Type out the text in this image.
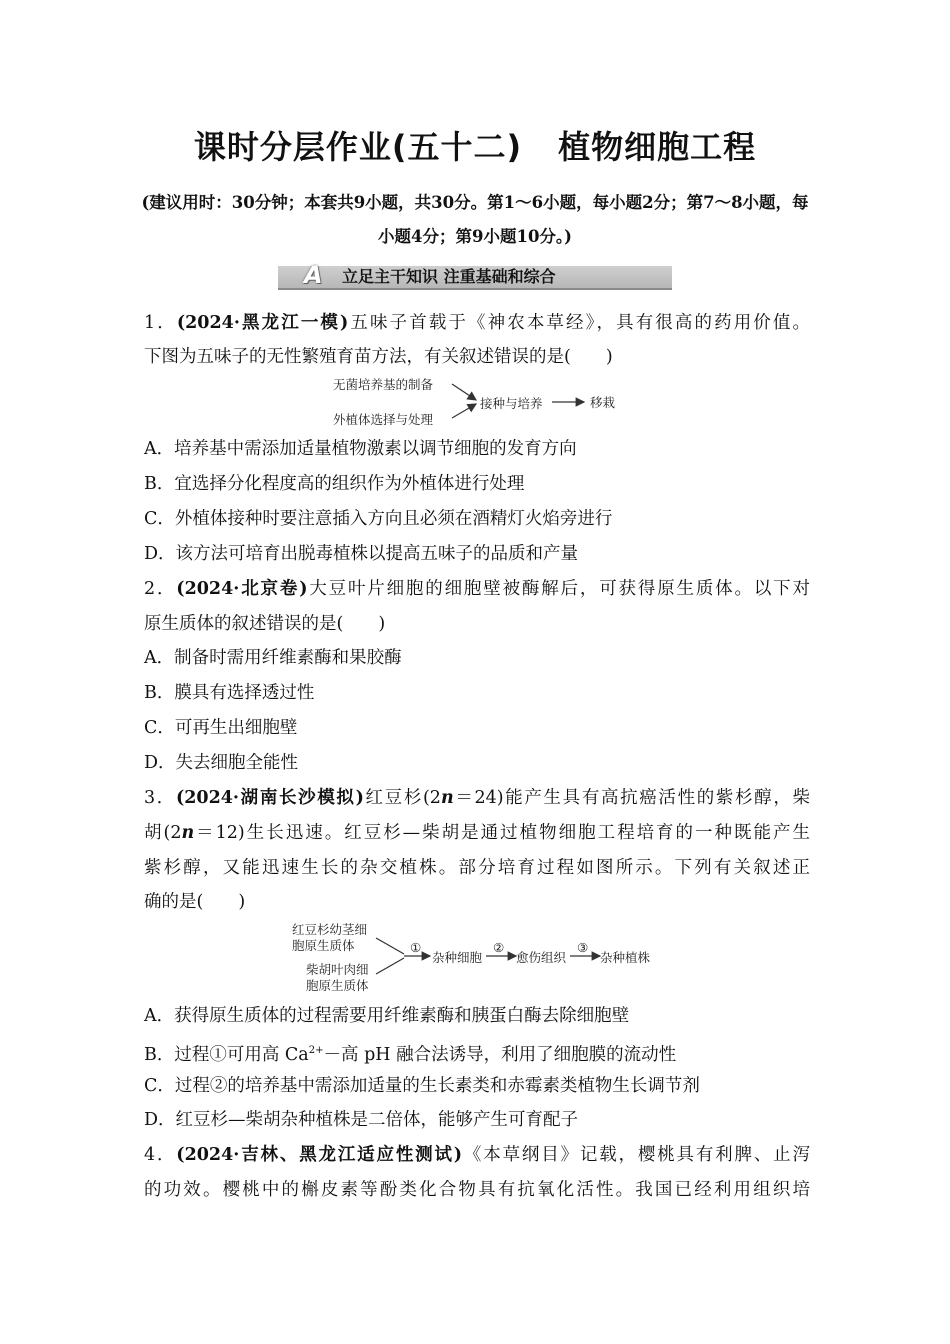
课时分层作业(五十二) 植物细胞工程
(建议用时：30分钟；本套共9小题，共30分。第1～6小题，每小题2分；第7～8小题，每小题4分；第9小题10分。)
A	立足主干知识 注重基础和综合
1．(2024·黑龙江一模)五味子首载于《神农本草经》，具有很高的药用价值。
下图为五味子的无性繁殖育苗方法，有关叙述错误的是(　　)
无菌培养基的制备
外植体选择与处理
接种与培养	移栽
A．培养基中需添加适量植物激素以调节细胞的发育方向
B．宜选择分化程度高的组织作为外植体进行处理
C．外植体接种时要注意插入方向且必须在酒精灯火焰旁进行
D．该方法可培育出脱毒植株以提高五味子的品质和产量
2．(2024·北京卷)大豆叶片细胞的细胞壁被酶解后，可获得原生质体。以下对
原生质体的叙述错误的是(　　)
A．制备时需用纤维素酶和果胶酶
B．膜具有选择透过性
C．可再生出细胞壁
D．失去细胞全能性
3．(2024·湖南长沙模拟)红豆杉(2n＝24)能产生具有高抗癌活性的紫杉醇，柴
胡(2n＝12)生长迅速。红豆杉—柴胡是通过植物细胞工程培育的一种既能产生
紫杉醇，又能迅速生长的杂交植株。部分培育过程如图所示。下列有关叙述正
确的是(　　)
红豆杉幼茎细
胞原生质体
柴胡叶肉细
胞原生质体
①
杂种细胞
②
愈伤组织
③
杂种植株
A．获得原生质体的过程需要用纤维素酶和胰蛋白酶去除细胞壁
B．过程①可用高 $Ca^{2+}-$高 pH 融合法诱导，利用了细胞膜的流动性
C．过程②的培养基中需添加适量的生长素类和赤霉素类植物生长调节剂
D．红豆杉—柴胡杂种植株是二倍体，能够产生可育配子
4．(2024·吉林、黑龙江适应性测试)《本草纲目》记载，樱桃具有利脾、止泻
的功效。樱桃中的槲皮素等酚类化合物具有抗氧化活性。我国已经利用组织培
